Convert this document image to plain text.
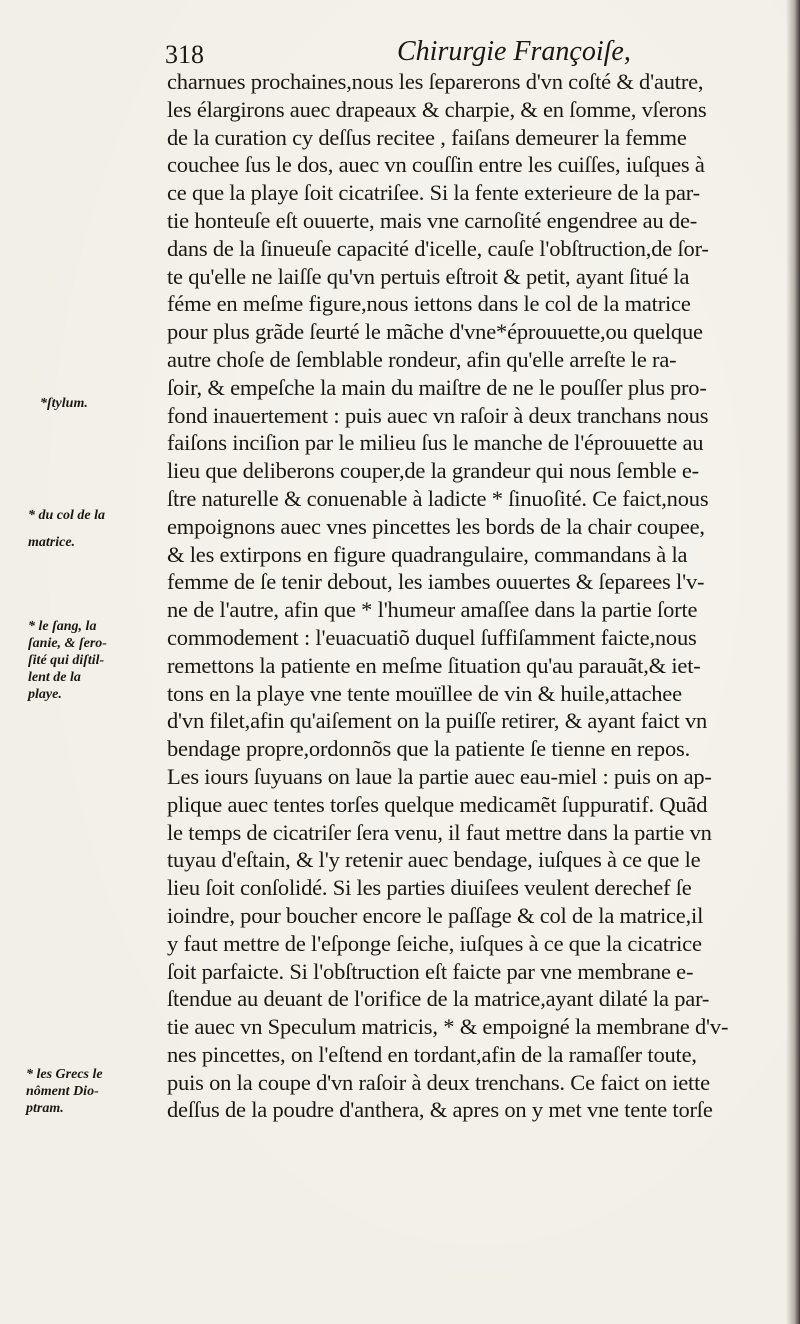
318	Chirurgie Françoiſe,
*ſtylum.
* du col de la
matrice.
* le ſang, la
ſanie, & ſero-
ſité qui diſtil-
lent de la
playe.
* les Grecs le
nôment Dio-
ptram.
charnues prochaines,nous les ſeparerons d'vn coſté & d'autre,
les élargirons auec drapeaux & charpie, & en ſomme, vſerons
de la curation cy deſſus recitee , faiſans demeurer la femme
couchee ſus le dos, auec vn couſſin entre les cuiſſes, iuſques à
ce que la playe ſoit cicatriſee. Si la fente exterieure de la par-
tie honteuſe eſt ouuerte, mais vne carnoſité engendree au de-
dans de la ſinueuſe capacité d'icelle, cauſe l'obſtruction,de ſor-
te qu'elle ne laiſſe qu'vn pertuis eſtroit & petit, ayant ſitué la
féme en meſme figure,nous iettons dans le col de la matrice
pour plus grãde ſeurté le mãche d'vne*éprouuette,ou quelque
autre choſe de ſemblable rondeur, afin qu'elle arreſte le ra-
ſoir, & empeſche la main du maiſtre de ne le pouſſer plus pro-
fond inauertement : puis auec vn raſoir à deux tranchans nous
faiſons inciſion par le milieu ſus le manche de l'éprouuette au
lieu que deliberons couper,de la grandeur qui nous ſemble e-
ſtre naturelle & conuenable à ladicte * ſinuoſité. Ce faict,nous
empoignons auec vnes pincettes les bords de la chair coupee,
& les extirpons en figure quadrangulaire, commandans à la
femme de ſe tenir debout, les iambes ouuertes & ſeparees l'v-
ne de l'autre, afin que * l'humeur amaſſee dans la partie ſorte
commodement : l'euacuatiõ duquel ſuffiſamment faicte,nous
remettons la patiente en meſme ſituation qu'au parauãt,& iet-
tons en la playe vne tente mouïllee de vin & huile,attachee
d'vn filet,afin qu'aiſement on la puiſſe retirer, & ayant faict vn
bendage propre,ordonnõs que la patiente ſe tienne en repos.
Les iours ſuyuans on laue la partie auec eau-miel : puis on ap-
plique auec tentes torſes quelque medicamẽt ſuppuratif. Quãd
le temps de cicatriſer ſera venu, il faut mettre dans la partie vn
tuyau d'eſtain, & l'y retenir auec bendage, iuſques à ce que le
lieu ſoit conſolidé. Si les parties diuiſees veulent derechef ſe
ioindre, pour boucher encore le paſſage & col de la matrice,il
y faut mettre de l'eſponge ſeiche, iuſques à ce que la cicatrice
ſoit parfaicte. Si l'obſtruction eſt faicte par vne membrane e-
ſtendue au deuant de l'orifice de la matrice,ayant dilaté la par-
tie auec vn Speculum matricis, * & empoigné la membrane d'v-
nes pincettes, on l'eſtend en tordant,afin de la ramaſſer toute,
puis on la coupe d'vn raſoir à deux trenchans. Ce faict on iette
deſſus de la poudre d'anthera, & apres on y met vne tente torſe
